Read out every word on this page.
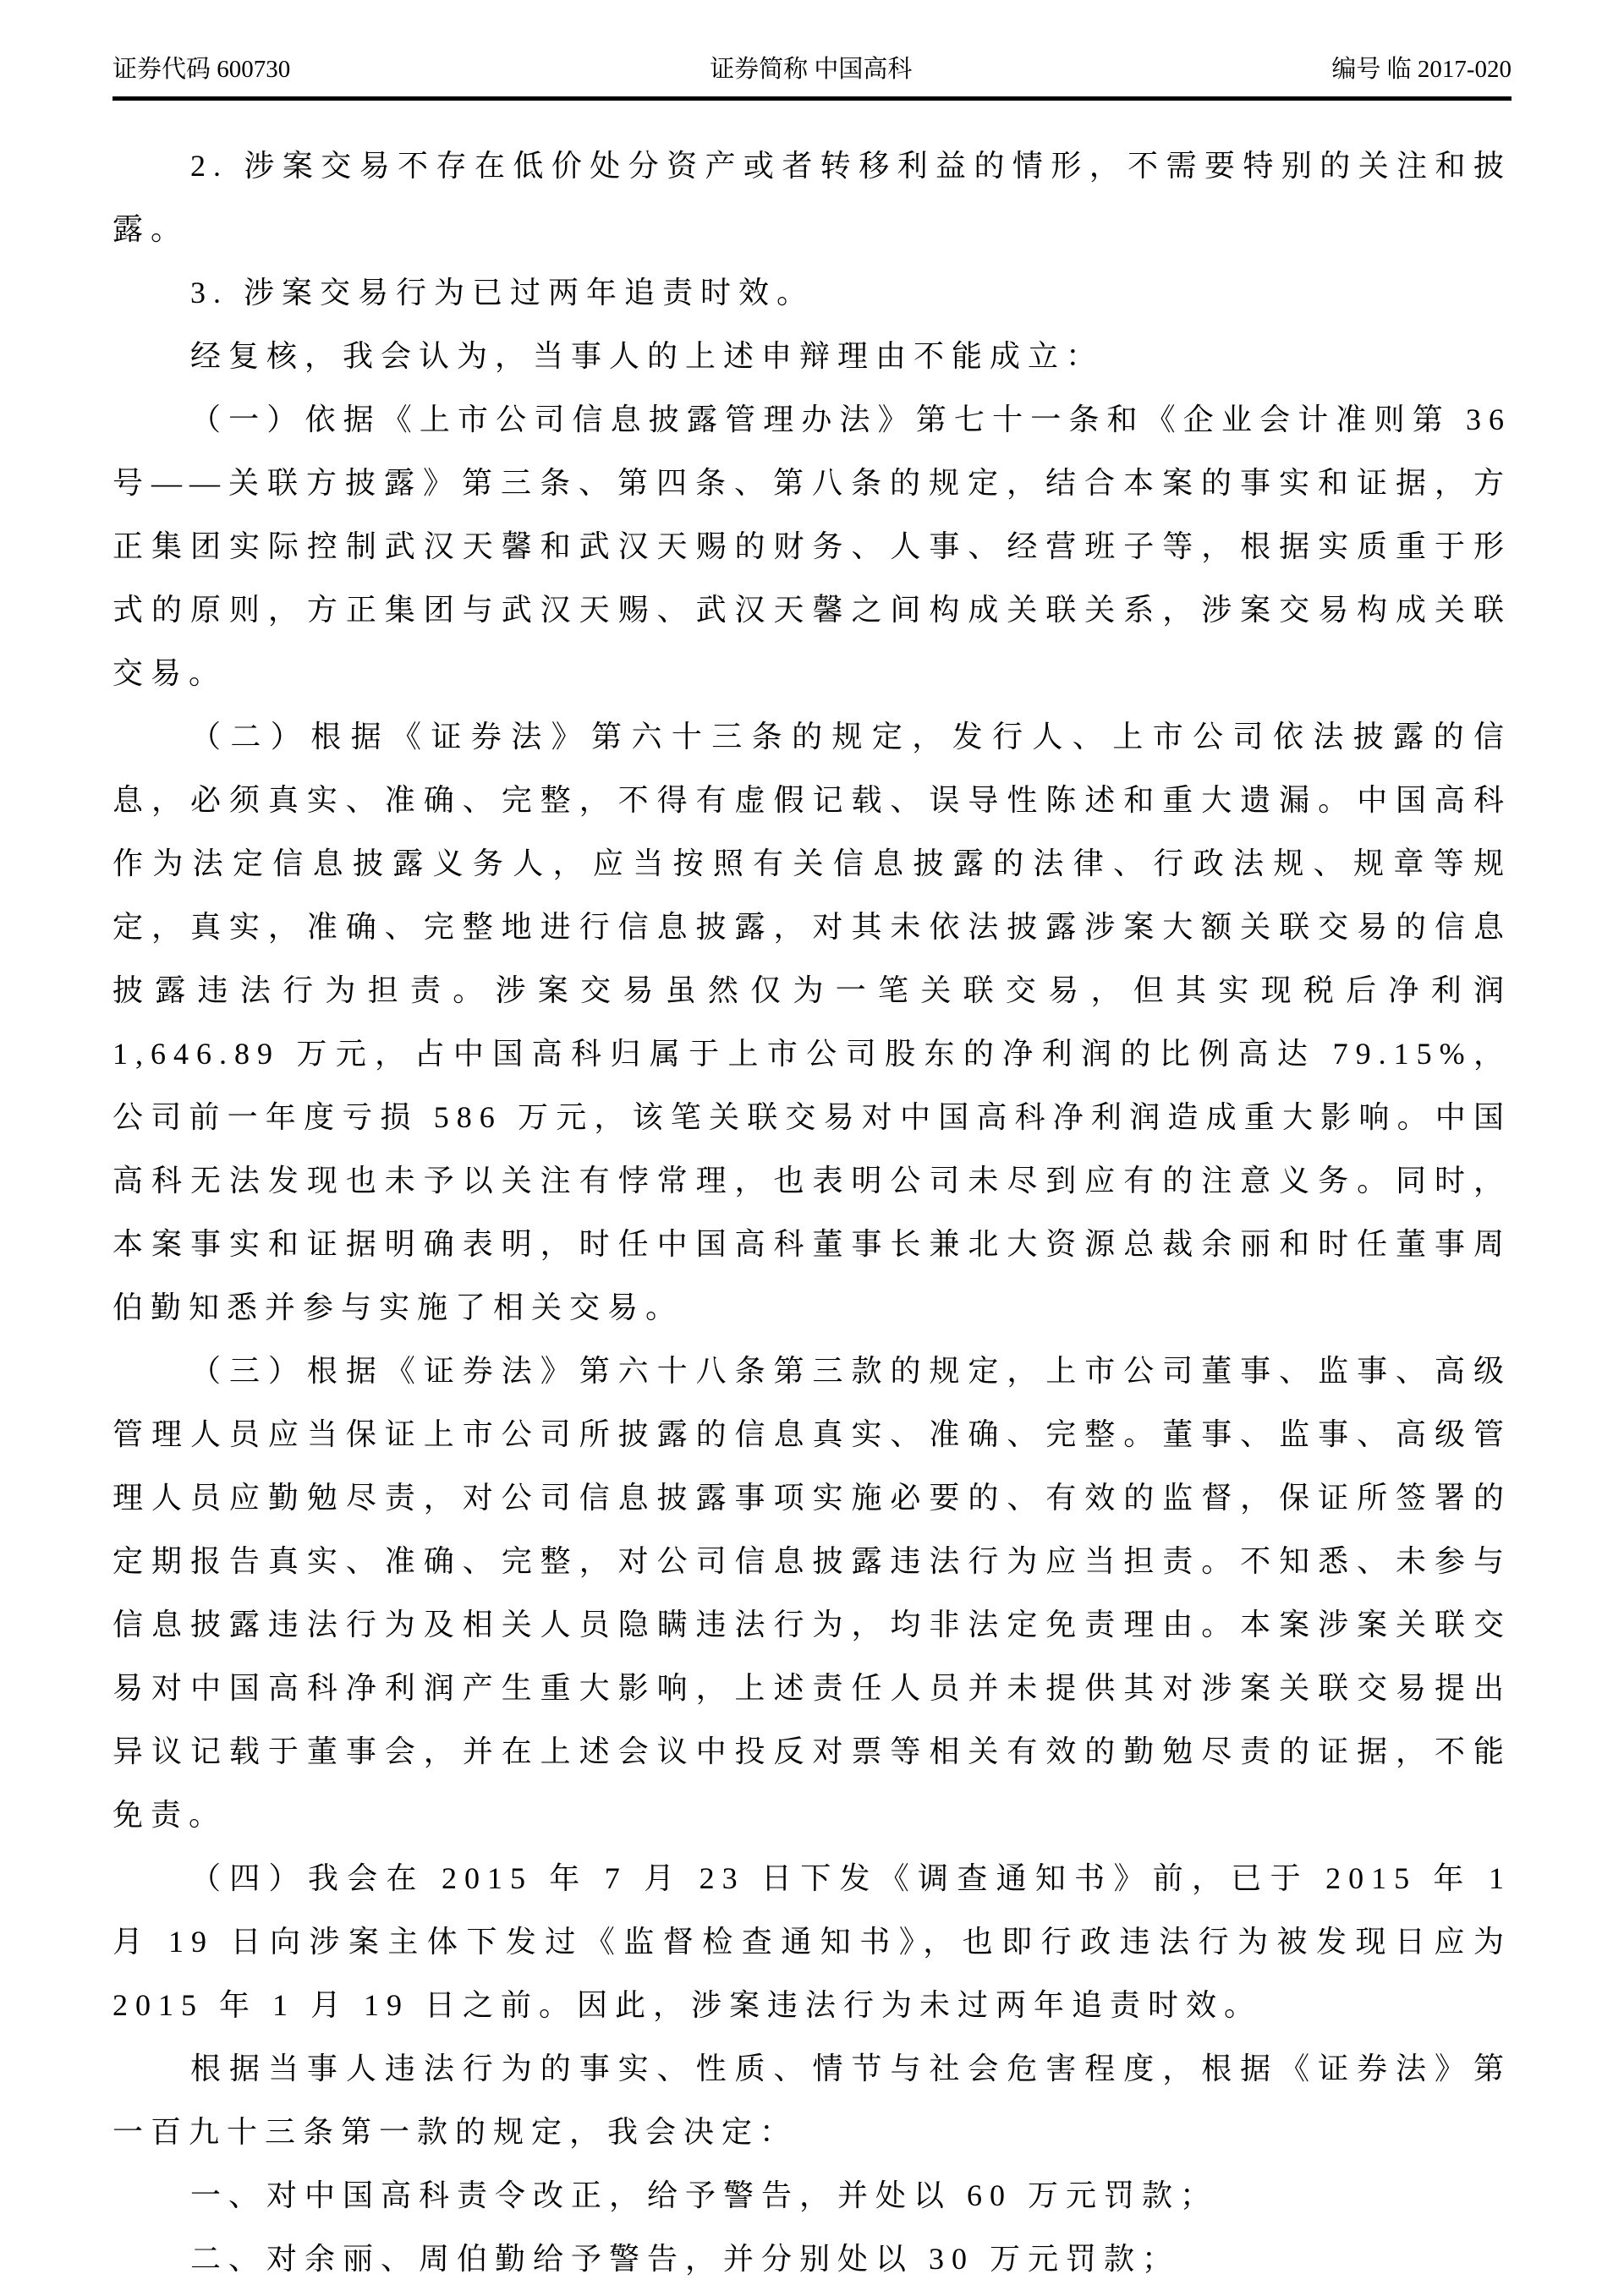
证券代码 600730	证券简称 中国高科	编号 临 2017-020

2. 涉案交易不存在低价处分资产或者转移利益的情形，不需要特别的关注和披露。

3. 涉案交易行为已过两年追责时效。

经复核，我会认为，当事人的上述申辩理由不能成立：

（一）依据《上市公司信息披露管理办法》第七十一条和《企业会计准则第 36 号——关联方披露》第三条、第四条、第八条的规定，结合本案的事实和证据，方正集团实际控制武汉天馨和武汉天赐的财务、人事、经营班子等，根据实质重于形式的原则，方正集团与武汉天赐、武汉天馨之间构成关联关系，涉案交易构成关联交易。

（二）根据《证券法》第六十三条的规定，发行人、上市公司依法披露的信息，必须真实、准确、完整，不得有虚假记载、误导性陈述和重大遗漏。中国高科作为法定信息披露义务人，应当按照有关信息披露的法律、行政法规、规章等规定，真实，准确、完整地进行信息披露，对其未依法披露涉案大额关联交易的信息披露违法行为担责。涉案交易虽然仅为一笔关联交易，但其实现税后净利润 1,646.89 万元，占中国高科归属于上市公司股东的净利润的比例高达 79.15%，公司前一年度亏损 586 万元，该笔关联交易对中国高科净利润造成重大影响。中国高科无法发现也未予以关注有悖常理，也表明公司未尽到应有的注意义务。同时，本案事实和证据明确表明，时任中国高科董事长兼北大资源总裁余丽和时任董事周伯勤知悉并参与实施了相关交易。

（三）根据《证券法》第六十八条第三款的规定，上市公司董事、监事、高级管理人员应当保证上市公司所披露的信息真实、准确、完整。董事、监事、高级管理人员应勤勉尽责，对公司信息披露事项实施必要的、有效的监督，保证所签署的定期报告真实、准确、完整，对公司信息披露违法行为应当担责。不知悉、未参与信息披露违法行为及相关人员隐瞒违法行为，均非法定免责理由。本案涉案关联交易对中国高科净利润产生重大影响，上述责任人员并未提供其对涉案关联交易提出异议记载于董事会，并在上述会议中投反对票等相关有效的勤勉尽责的证据，不能免责。

（四）我会在 2015 年 7 月 23 日下发《调查通知书》前，已于 2015 年 1 月 19 日向涉案主体下发过《监督检查通知书》，也即行政违法行为被发现日应为 2015 年 1 月 19 日之前。因此，涉案违法行为未过两年追责时效。

根据当事人违法行为的事实、性质、情节与社会危害程度，根据《证券法》第一百九十三条第一款的规定，我会决定：

一、对中国高科责令改正，给予警告，并处以 60 万元罚款；

二、对余丽、周伯勤给予警告，并分别处以 30 万元罚款；
